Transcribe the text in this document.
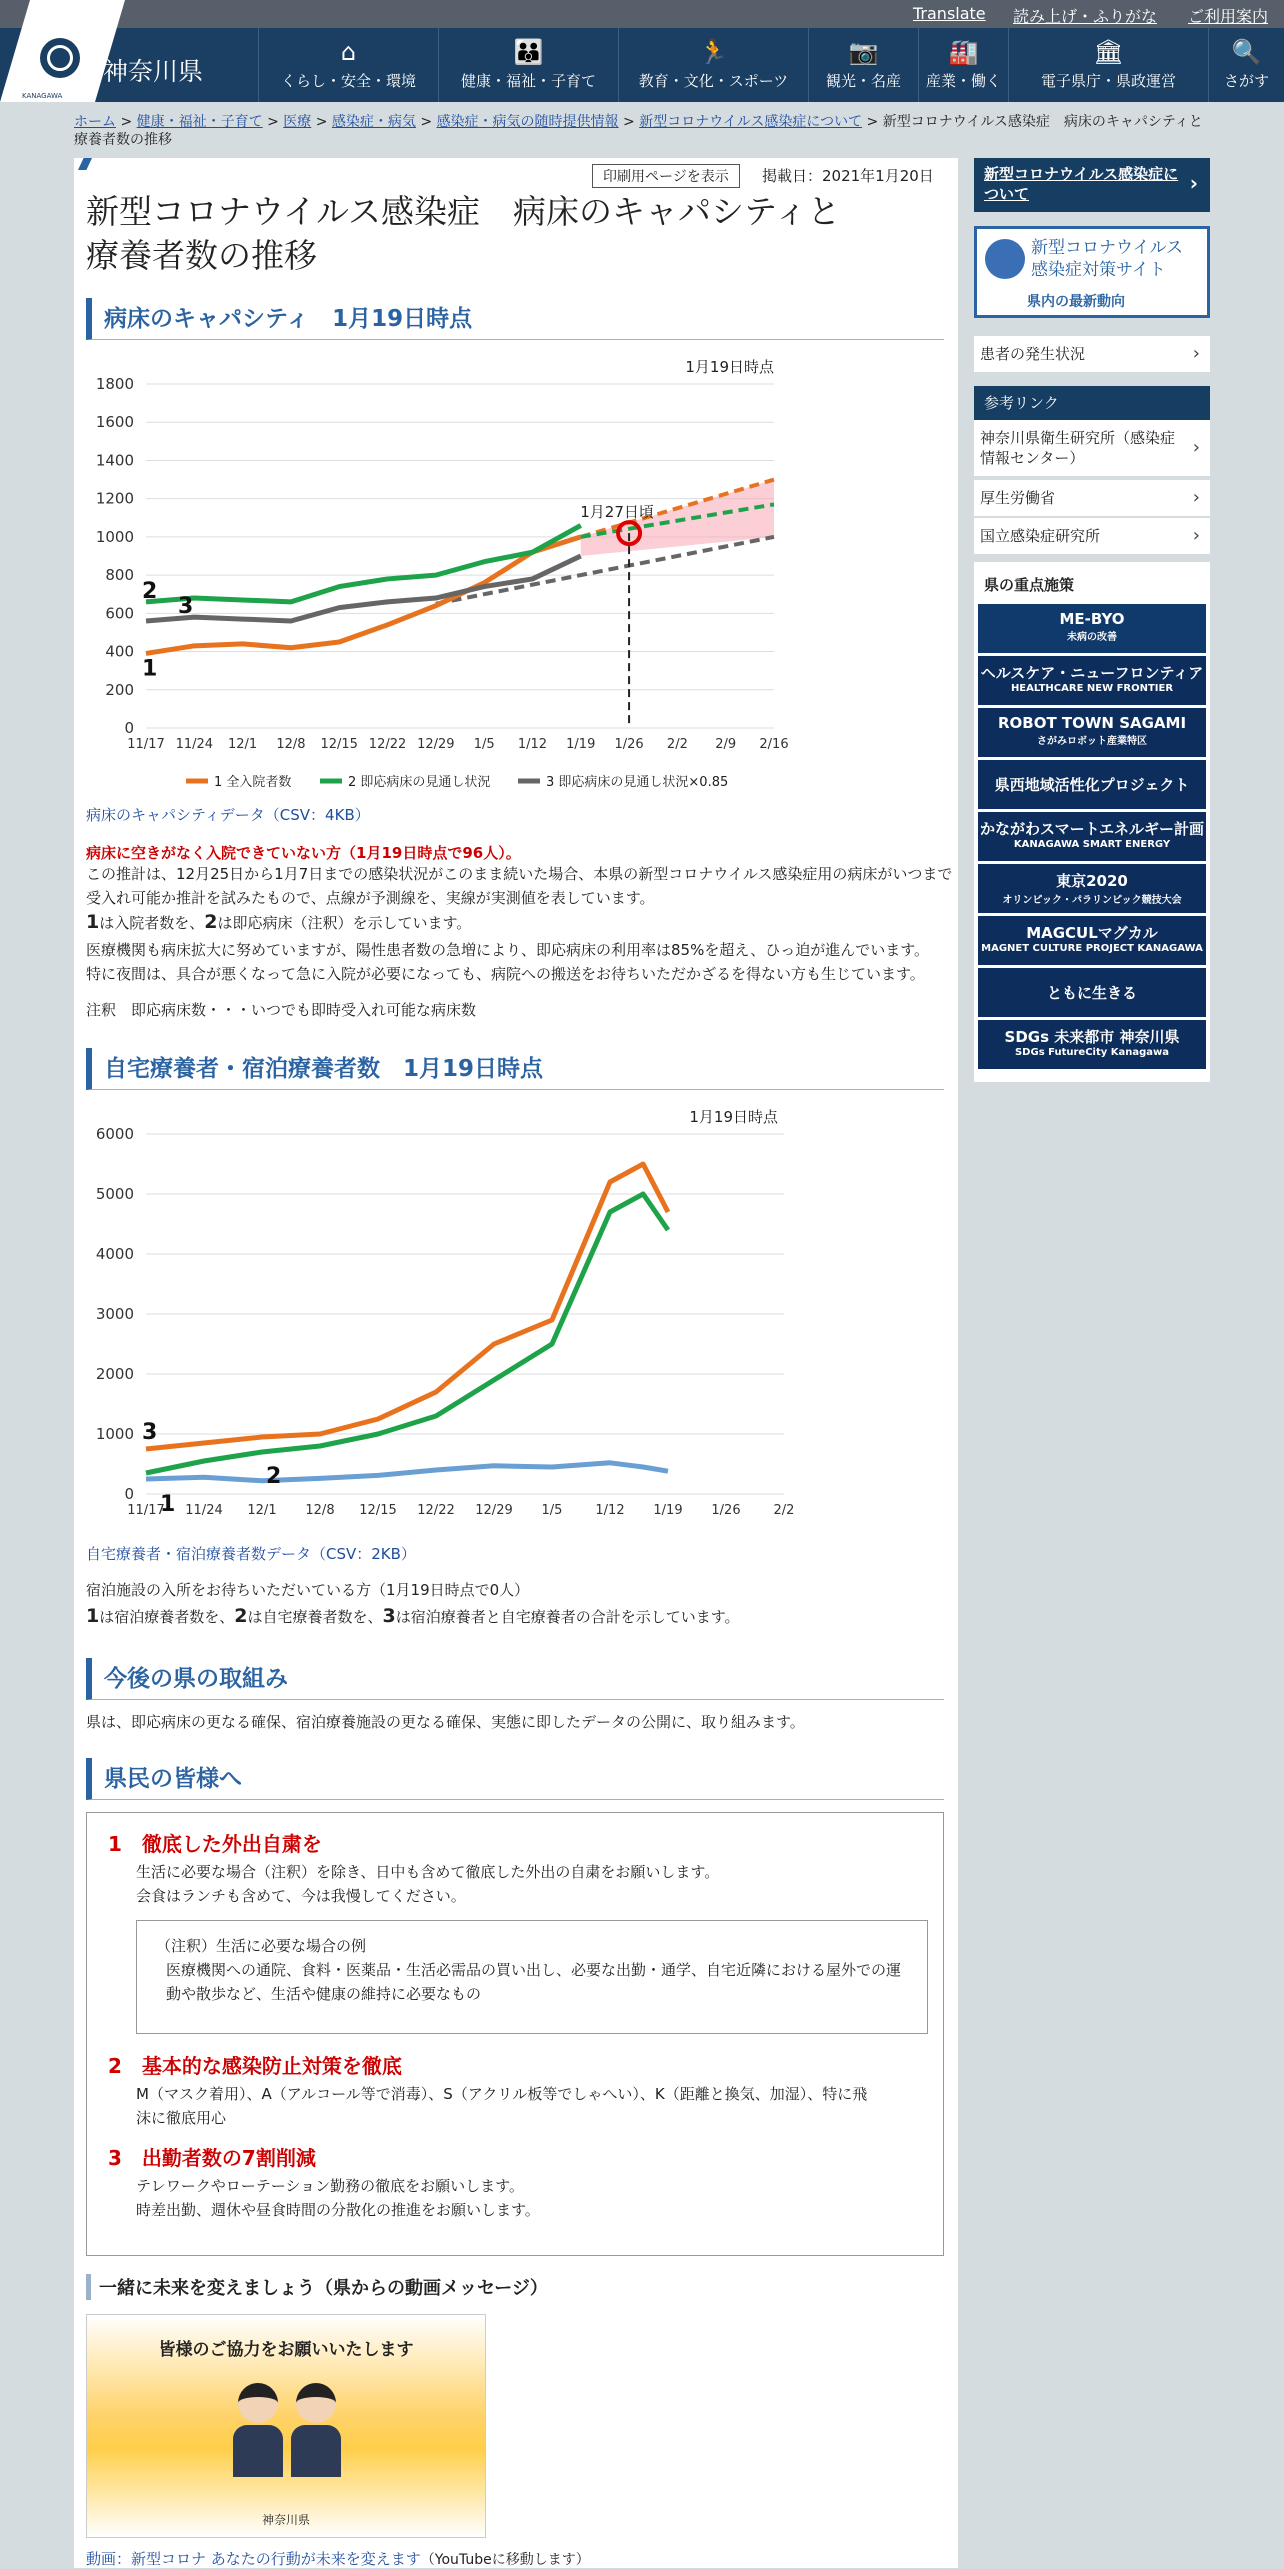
Translate 読み上げ・ふりがな ご利用案内
KANAGAWA
神奈川県
⌂
くらし・安全・環境
👪
健康・福祉・子育て
🏃
教育・文化・スポーツ
📷
観光・名産
🏭
産業・働く
🏛
電子県庁・県政運営
🔍
さがす
ホーム > 健康・福祉・子育て > 医療 > 感染症・病気 > 感染症・病気の随時提供情報 > 新型コロナウイルス感染症について > 新型コロナウイルス感染症　病床のキャパシティと療養者数の推移
印刷用ページを表示	掲載日：2021年1月20日
新型コロナウイルス感染症　病床のキャパシティと
療養者数の推移
病床のキャパシティ　1月19日時点
0
200
400
600
800
1000
1200
1400
1600
1800
11/17 11/24 12/1 12/8 12/15 12/22 12/29 1/5 1/12 1/19 1/26 2/2 2/9 2/16
1月19日時点
1
2
3
1月27日頃
1 全入院者数	2 即応病床の見通し状況	3 即応病床の見通し状況×0.85
病床のキャパシティデータ（CSV：4KB）
病床に空きがなく入院できていない方（1月19日時点で96人）。
この推計は、12月25日から1月7日までの感染状況がこのまま続いた場合、本県の新型コロナウイルス感染症用の病床がいつまで
受入れ可能か推計を試みたもので、点線が予測線を、実線が実測値を表しています。
1は入院者数を、2は即応病床（注釈）を示しています。
医療機関も病床拡大に努めていますが、陽性患者数の急増により、即応病床の利用率は85%を超え、ひっ迫が進んでいます。
特に夜間は、具合が悪くなって急に入院が必要になっても、病院への搬送をお待ちいただかざるを得ない方も生じています。
注釈　即応病床数・・・いつでも即時受入れ可能な病床数
自宅療養者・宿泊療養者数　1月19日時点
0
1000
2000
3000
4000
5000
6000
11/17 11/24 12/1 12/8 12/15 12/22 12/29 1/5	1/12 1/19 1/26	2/2
1月19日時点
1
2
3
自宅療養者・宿泊療養者数データ（CSV：2KB）
宿泊施設の入所をお待ちいただいている方（1月19日時点で0人）
1は宿泊療養者数を、2は自宅療養者数を、3は宿泊療養者と自宅療養者の合計を示しています。
今後の県の取組み
県は、即応病床の更なる確保、宿泊療養施設の更なる確保、実態に即したデータの公開に、取り組みます。
県民の皆様へ
1　徹底した外出自粛を
生活に必要な場合（注釈）を除き、日中も含めて徹底した外出の自粛をお願いします。
会食はランチも含めて、今は我慢してください。
（注釈）生活に必要な場合の例
医療機関への通院、食料・医薬品・生活必需品の買い出し、必要な出勤・通学、自宅近隣における屋外での運
動や散歩など、生活や健康の維持に必要なもの
2　基本的な感染防止対策を徹底
M（マスク着用）、A（アルコール等で消毒）、S（アクリル板等でしゃへい）、K（距離と換気、加湿）、特に飛
沫に徹底用心
3　出勤者数の7割削減
テレワークやローテーション勤務の徹底をお願いします。
時差出勤、週休や昼食時間の分散化の推進をお願いします。
一緒に未来を変えましょう（県からの動画メッセージ）
皆様のご協力をお願いいたします
神奈川県
動画：新型コロナ あなたの行動が未来を変えます（YouTubeに移動します）
新型コロナウイルス感染症について	›
新型コロナウイルス
感染症対策サイト
県内の最新動向
患者の発生状況	›
参考リンク
神奈川県衛生研究所（感染症情報センター）	›
厚生労働省	›
国立感染症研究所	›
県の重点施策
ME-BYO
未病の改善
ヘルスケア・ニューフロンティア
HEALTHCARE NEW FRONTIER
ROBOT TOWN SAGAMI
さがみロボット産業特区
県西地域活性化プロジェクト
かながわスマートエネルギー計画
KANAGAWA SMART ENERGY
東京2020
オリンピック・パラリンピック競技大会
MAGCULマグカル
MAGNET CULTURE PROJECT KANAGAWA
ともに生きる
SDGs 未来都市 神奈川県
SDGs FutureCity Kanagawa
